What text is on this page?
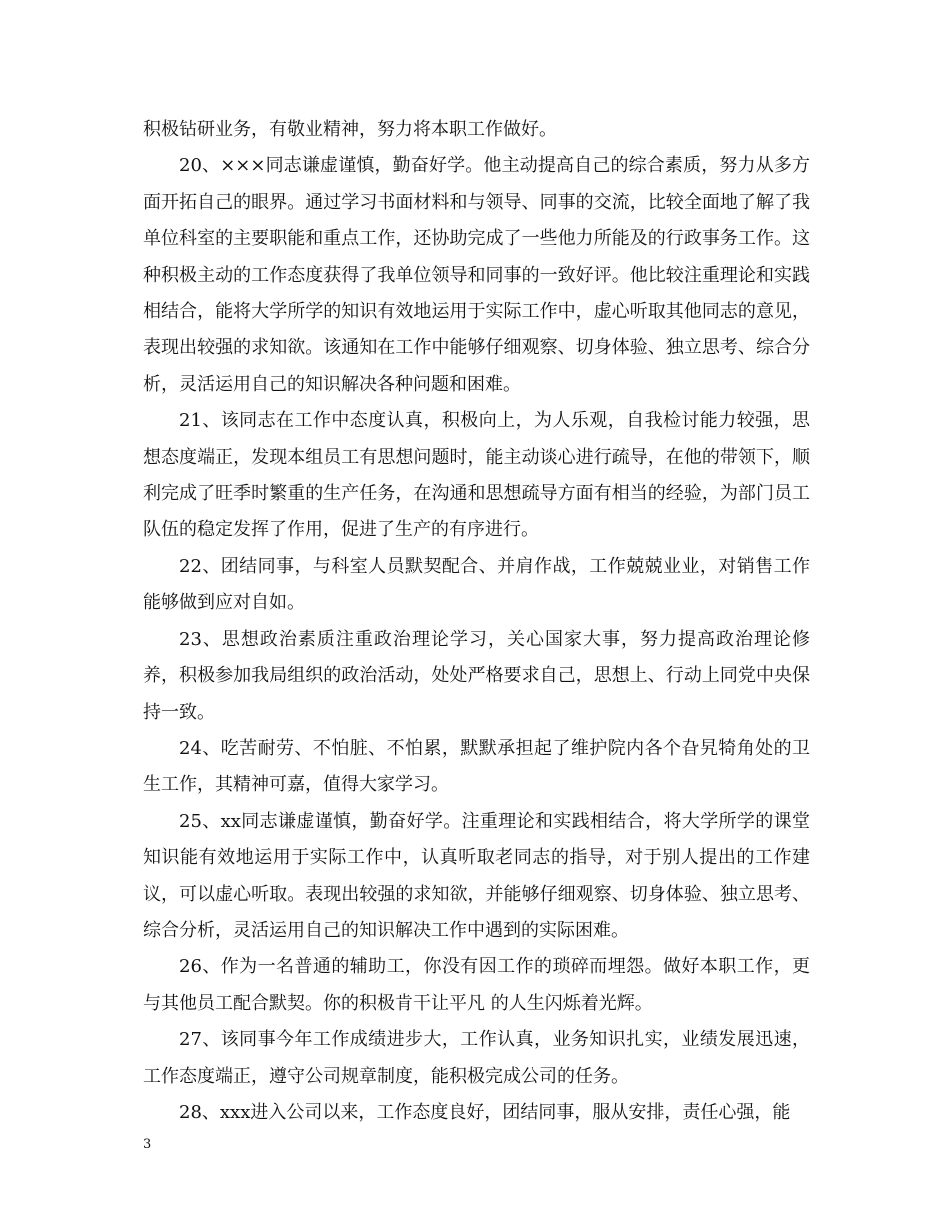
积极钻研业务，有敬业精神，努力将本职工作做好。

20、×××同志谦虚谨慎，勤奋好学。他主动提高自己的综合素质，努力从多方面开拓自己的眼界。通过学习书面材料和与领导、同事的交流，比较全面地了解了我单位科室的主要职能和重点工作，还协助完成了一些他力所能及的行政事务工作。这种积极主动的工作态度获得了我单位领导和同事的一致好评。他比较注重理论和实践相结合，能将大学所学的知识有效地运用于实际工作中，虚心听取其他同志的意见，表现出较强的求知欲。该通知在工作中能够仔细观察、切身体验、独立思考、综合分析，灵活运用自己的知识解决各种问题和困难。

21、该同志在工作中态度认真，积极向上，为人乐观，自我检讨能力较强，思想态度端正，发现本组员工有思想问题时，能主动谈心进行疏导，在他的带领下，顺利完成了旺季时繁重的生产任务，在沟通和思想疏导方面有相当的经验，为部门员工队伍的稳定发挥了作用，促进了生产的有序进行。

22、团结同事，与科室人员默契配合、并肩作战，工作兢兢业业，对销售工作能够做到应对自如。

23、思想政治素质注重政治理论学习，关心国家大事，努力提高政治理论修养，积极参加我局组织的政治活动，处处严格要求自己，思想上、行动上同党中央保持一致。

24、吃苦耐劳、不怕脏、不怕累，默默承担起了维护院内各个旮旯犄角处的卫生工作，其精神可嘉，值得大家学习。

25、xx同志谦虚谨慎，勤奋好学。注重理论和实践相结合，将大学所学的课堂知识能有效地运用于实际工作中，认真听取老同志的指导，对于别人提出的工作建议，可以虚心听取。表现出较强的求知欲，并能够仔细观察、切身体验、独立思考、综合分析，灵活运用自己的知识解决工作中遇到的实际困难。

26、作为一名普通的辅助工，你没有因工作的琐碎而埋怨。做好本职工作，更与其他员工配合默契。你的积极肯干让平凡 的人生闪烁着光辉。

27、该同事今年工作成绩进步大，工作认真，业务知识扎实，业绩发展迅速，工作态度端正，遵守公司规章制度，能积极完成公司的任务。

28、xxx进入公司以来，工作态度良好，团结同事，服从安排，责任心强，能

3
